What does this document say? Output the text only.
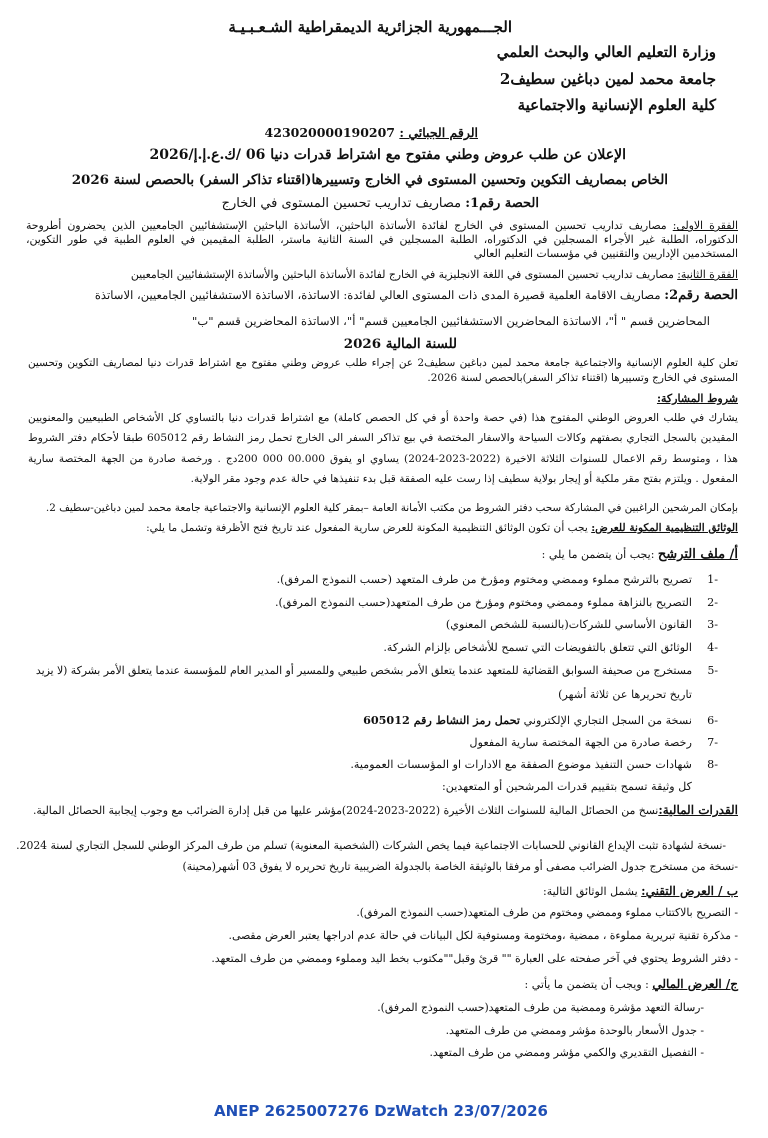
الجـــمهورية الجزائرية الديمقراطية الشـعـبـيـة
وزارة التعليم العالي والبحث العلمي
جامعة محمد لمين دباغين سطيف2
كلية العلوم الإنسانية والاجتماعية
الرقم الجبائي : 423020000190207
الإعلان عن طلب عروض وطني مفتوح مع اشتراط قدرات دنيا 06 /ك.ع.إ.إ/2026
الخاص بمصاريف التكوين وتحسين المستوى في الخارج وتسييرها(اقتناء تذاكر السفر) بالحصص لسنة 2026
الحصة رقم1: مصاريف تداريب تحسين المستوى في الخارج
الفقرة الاولى: مصاريف تداريب تحسين المستوى في الخارج لفائدة الأساتذة الباحثين، الأساتذة الباحثين الإستشفائيين الجامعيين الذين يحضرون أطروحة الدكتوراه، الطلبة غير الأجراء المسجلين في الدكتوراه، الطلبة المسجلين في السنة الثانية ماستر، الطلبة المقيمين في العلوم الطبية في طور التكوين، المستخدمين الإداريين والتقنيين في مؤسسات التعليم العالي
الفقرة الثانية: مصاريف تداريب تحسين المستوى في اللغة الانجليزية في الخارج لفائدة الأساتذة الباحثين والأساتذة الإستشفائيين الجامعيين
الحصة رقم2: مصاريف الاقامة العلمية قصيرة المدى ذات المستوى العالي لفائدة: الاساتذة، الاساتذة الاستشفائيين الجامعيين، الاساتذة
المحاضرين قسم " أ"، الاساتذة المحاضرين الاستشفائيين الجامعيين قسم" أ"، الاساتذة المحاضرين قسم "ب"
للسنة المالية 2026
تعلن كلية العلوم الإنسانية والاجتماعية جامعة محمد لمين دباغين سطيف2 عن إجراء طلب عروض وطني مفتوح مع اشتراط قدرات دنيا لمصاريف التكوين وتحسين المستوى في الخارج وتسييرها (اقتناء تذاكر السفر)بالحصص لسنة 2026.
شروط المشاركة:
يشارك في طلب العروض الوطني المفتوح هذا (في حصة واحدة أو في كل الحصص كاملة) مع اشتراط قدرات دنيا بالتساوي كل الأشخاص الطبيعيين والمعنويين المقيدين بالسجل التجاري بصفتهم وكالات السياحة والاسفار المختصة في بيع تذاكر السفر الى الخارج تحمل رمز النشاط رقم 605012 طبقا لأحكام دفتر الشروط هذا ، ومتوسط رقم الاعمال للسنوات الثلاثة الاخيرة (2022-2023-2024) يساوي او يفوق 00.000 000 200دج . ورخصة صادرة من الجهة المختصة سارية المفعول . ويلتزم بفتح مقر ملكية أو إيجار بولاية سطيف إذا رست عليه الصفقة قبل بدء تنفيذها في حالة عدم وجود مقر الولاية.
بإمكان المرشحين الراغبين في المشاركة سحب دفتر الشروط من مكتب الأمانة العامة –بمقر كلية العلوم الإنسانية والاجتماعية جامعة محمد لمين دباغين-سطيف 2.
الوثائق التنظيمية المكونة للعرض: يجب أن تكون الوثائق التنظيمية المكونة للعرض سارية المفعول عند تاريخ فتح الأظرفة وتشمل ما يلي:
أ/ ملف الترشح :يجب أن يتضمن ما يلي :
-1تصريح بالترشح مملوء وممضي ومختوم ومؤرخ من طرف المتعهد (حسب النموذج المرفق).
-2التصريح بالنزاهة مملوء وممضي ومختوم ومؤرخ من طرف المتعهد(حسب النموذج المرفق).
-3القانون الأساسي للشركات(بالنسبة للشخص المعنوي)
-4الوثائق التي تتعلق بالتفويضات التي تسمح للأشخاص بإلزام الشركة.
-5مستخرج من صحيفة السوابق القضائية للمتعهد عندما يتعلق الأمر بشخص طبيعي وللمسير أو المدير العام للمؤسسة عندما يتعلق الأمر بشركة (لا يزيد
تاريخ تحريرها عن ثلاثة أشهر)
-6نسخة من السجل التجاري الإلكتروني تحمل رمز النشاط رقم 605012
-7رخصة صادرة من الجهة المختصة سارية المفعول
-8شهادات حسن التنفيذ موضوع الصفقة مع الادارات او المؤسسات العمومية.
كل وثيقة تسمح بتقييم قدرات المرشحين أو المتعهدين:
القدرات المالية:نسخ من الحصائل المالية للسنوات الثلاث الأخيرة (2022-2023-2024)مؤشر عليها من قبل إدارة الضرائب مع وجوب إيجابية الحصائل المالية.
-نسخة لشهادة تثبت الإيداع القانوني للحسابات الاجتماعية فيما يخص الشركات (الشخصية المعنوية) تسلم من طرف المركز الوطني للسجل التجاري لسنة 2024.
-نسخة من مستخرج جدول الضرائب مصفى أو مرفقا بالوثيقة الخاصة بالجدولة الضريبية تاريخ تحريره لا يفوق 03 أشهر(محينة)
ب / العرض التقني: يشمل الوثائق التالية:
- التصريح بالاكتتاب مملوء وممضي ومختوم من طرف المتعهد(حسب النموذج المرفق).
- مذكرة تقنية تبريرية مملوءة ، ممضية ،ومختومة ومستوفية لكل البيانات في حالة عدم ادراجها يعتبر العرض مقصى.
- دفتر الشروط يحتوي في آخر صفحته على العبارة "" قرئ وقبل""مكتوب بخط اليد ومملوء وممضي من طرف المتعهد.
ج/ العرض المالي : ويجب أن يتضمن ما يأتي :
-رسالة التعهد مؤشرة وممضية من طرف المتعهد(حسب النموذج المرفق).
- جدول الأسعار بالوحدة مؤشر وممضي من طرف المتعهد.
- التفصيل التقديري والكمي مؤشر وممضي من طرف المتعهد.
ANEP 2625007276 DzWatch 23/07/2026
